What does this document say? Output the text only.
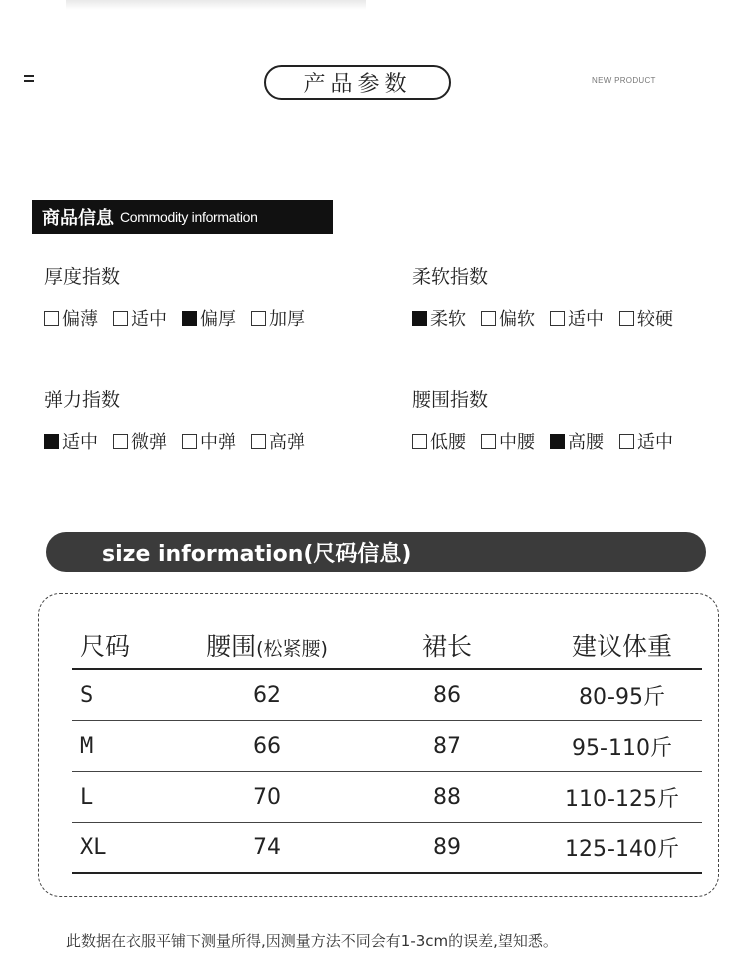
产品参数	NEW PRODUCT
商品信息 Commodity information
厚度指数
偏薄 适中 偏厚 加厚
柔软指数
柔软 偏软 适中 较硬
弹力指数
适中 微弹 中弹 高弹
腰围指数
低腰 中腰 高腰 适中
size information(尺码信息)
尺码	腰围(松紧腰)	裙长	建议体重
S	62	86	80-95斤
M	66	87	95-110斤
L	70	88	110-125斤
XL	74	89	125-140斤
此数据在衣服平铺下测量所得,因测量方法不同会有1-3cm的误差,望知悉。
